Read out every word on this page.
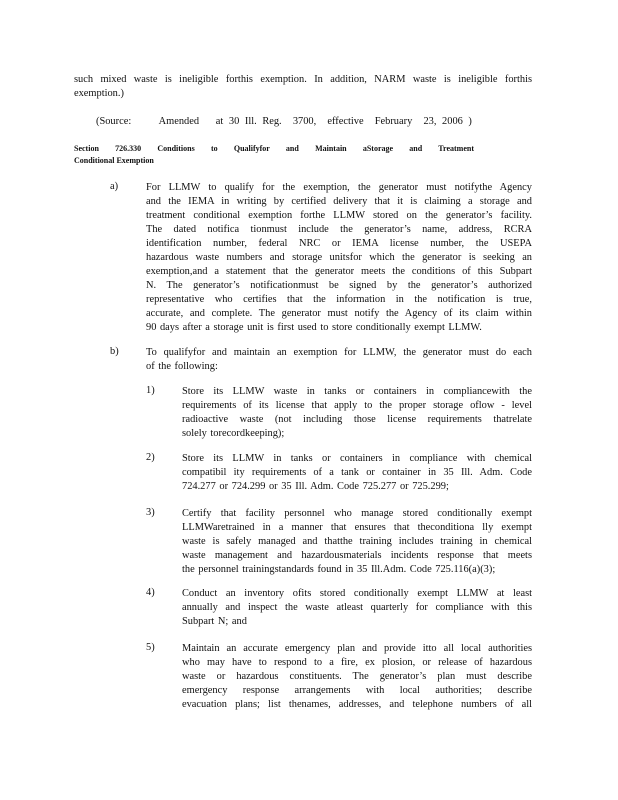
such mixed waste is ineligible forthis exemption. In addition, NARM waste is ineligible forthis
exemption.)
(Source:     Amended   at 30 Ill. Reg.  3700,  effective  February  23, 2006 )
Section 726.330 Conditions to Qualifyfor and Maintain aStorage and Treatment
Conditional Exemption
a)	For LLMW to qualify for the exemption, the generator must notifythe Agency
and the IEMA in writing by certified delivery that it is claiming a storage and
treatment conditional exemption forthe LLMW stored on the generator’s facility.
The dated notifica tionmust include the generator’s name, address, RCRA
identification number, federal NRC or IEMA license number, the USEPA
hazardous waste numbers and storage unitsfor which the generator is seeking an
exemption,and a statement that the generator meets the conditions of this Subpart
N. The generator’s notificationmust be signed by the generator’s authorized
representative who certifies that the information in the notification is true,
accurate, and complete. The generator must notify the Agency of its claim within
90 days after a storage unit is first used to store conditionally exempt LLMW.
b)	To qualifyfor and maintain an exemption for LLMW, the generator must do each
of the following:
1)	Store its LLMW waste in tanks or containers in compliancewith the
requirements of its license that apply to the proper storage oflow - level
radioactive waste (not including those license requirements thatrelate
solely torecordkeeping);
2)	Store its LLMW in tanks or containers in compliance with chemical
compatibil ity requirements of a tank or container in 35 Ill. Adm. Code
724.277 or 724.299 or 35 Ill. Adm. Code 725.277 or 725.299;
3)	Certify that facility personnel who manage stored conditionally exempt
LLMWaretrained in a manner that ensures that theconditiona lly exempt
waste is safely managed and thatthe training includes training in chemical
waste management and hazardousmaterials incidents response that meets
the personnel trainingstandards found in 35 Ill.Adm. Code 725.116(a)(3);
4)	Conduct an inventory ofits stored conditionally exempt LLMW at least
annually and inspect the waste atleast quarterly for compliance with this
Subpart N; and
5)	Maintain an accurate emergency plan and provide itto all local authorities
who may have to respond to a fire, ex plosion, or release of hazardous
waste or hazardous constituents. The generator’s plan must describe
emergency response arrangements with local authorities; describe
evacuation plans; list thenames, addresses, and telephone numbers of all
